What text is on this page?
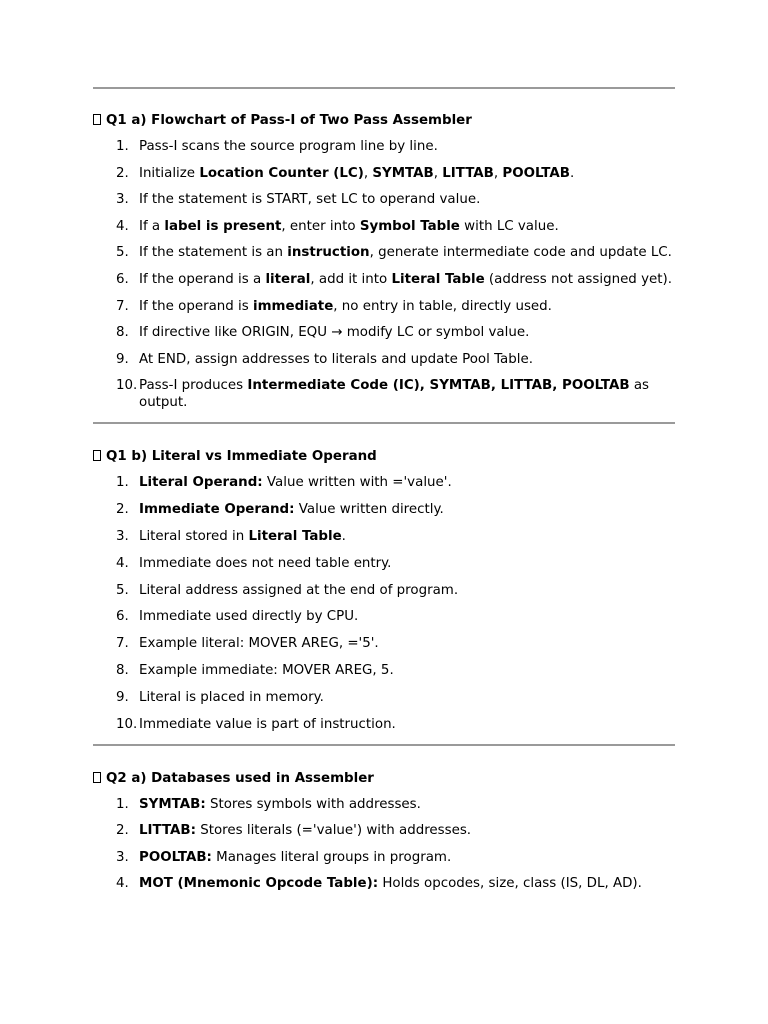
Q1 a) Flowchart of Pass-I of Two Pass Assembler

1. Pass-I scans the source program line by line.
2. Initialize Location Counter (LC), SYMTAB, LITTAB, POOLTAB.
3. If the statement is START, set LC to operand value.
4. If a label is present, enter into Symbol Table with LC value.
5. If the statement is an instruction, generate intermediate code and update LC.
6. If the operand is a literal, add it into Literal Table (address not assigned yet).
7. If the operand is immediate, no entry in table, directly used.
8. If directive like ORIGIN, EQU → modify LC or symbol value.
9. At END, assign addresses to literals and update Pool Table.
10. Pass-I produces Intermediate Code (IC), SYMTAB, LITTAB, POOLTAB as output.

Q1 b) Literal vs Immediate Operand

1. Literal Operand: Value written with ='value'.
2. Immediate Operand: Value written directly.
3. Literal stored in Literal Table.
4. Immediate does not need table entry.
5. Literal address assigned at the end of program.
6. Immediate used directly by CPU.
7. Example literal: MOVER AREG, ='5'.
8. Example immediate: MOVER AREG, 5.
9. Literal is placed in memory.
10. Immediate value is part of instruction.

Q2 a) Databases used in Assembler

1. SYMTAB: Stores symbols with addresses.
2. LITTAB: Stores literals (='value') with addresses.
3. POOLTAB: Manages literal groups in program.
4. MOT (Mnemonic Opcode Table): Holds opcodes, size, class (IS, DL, AD).
